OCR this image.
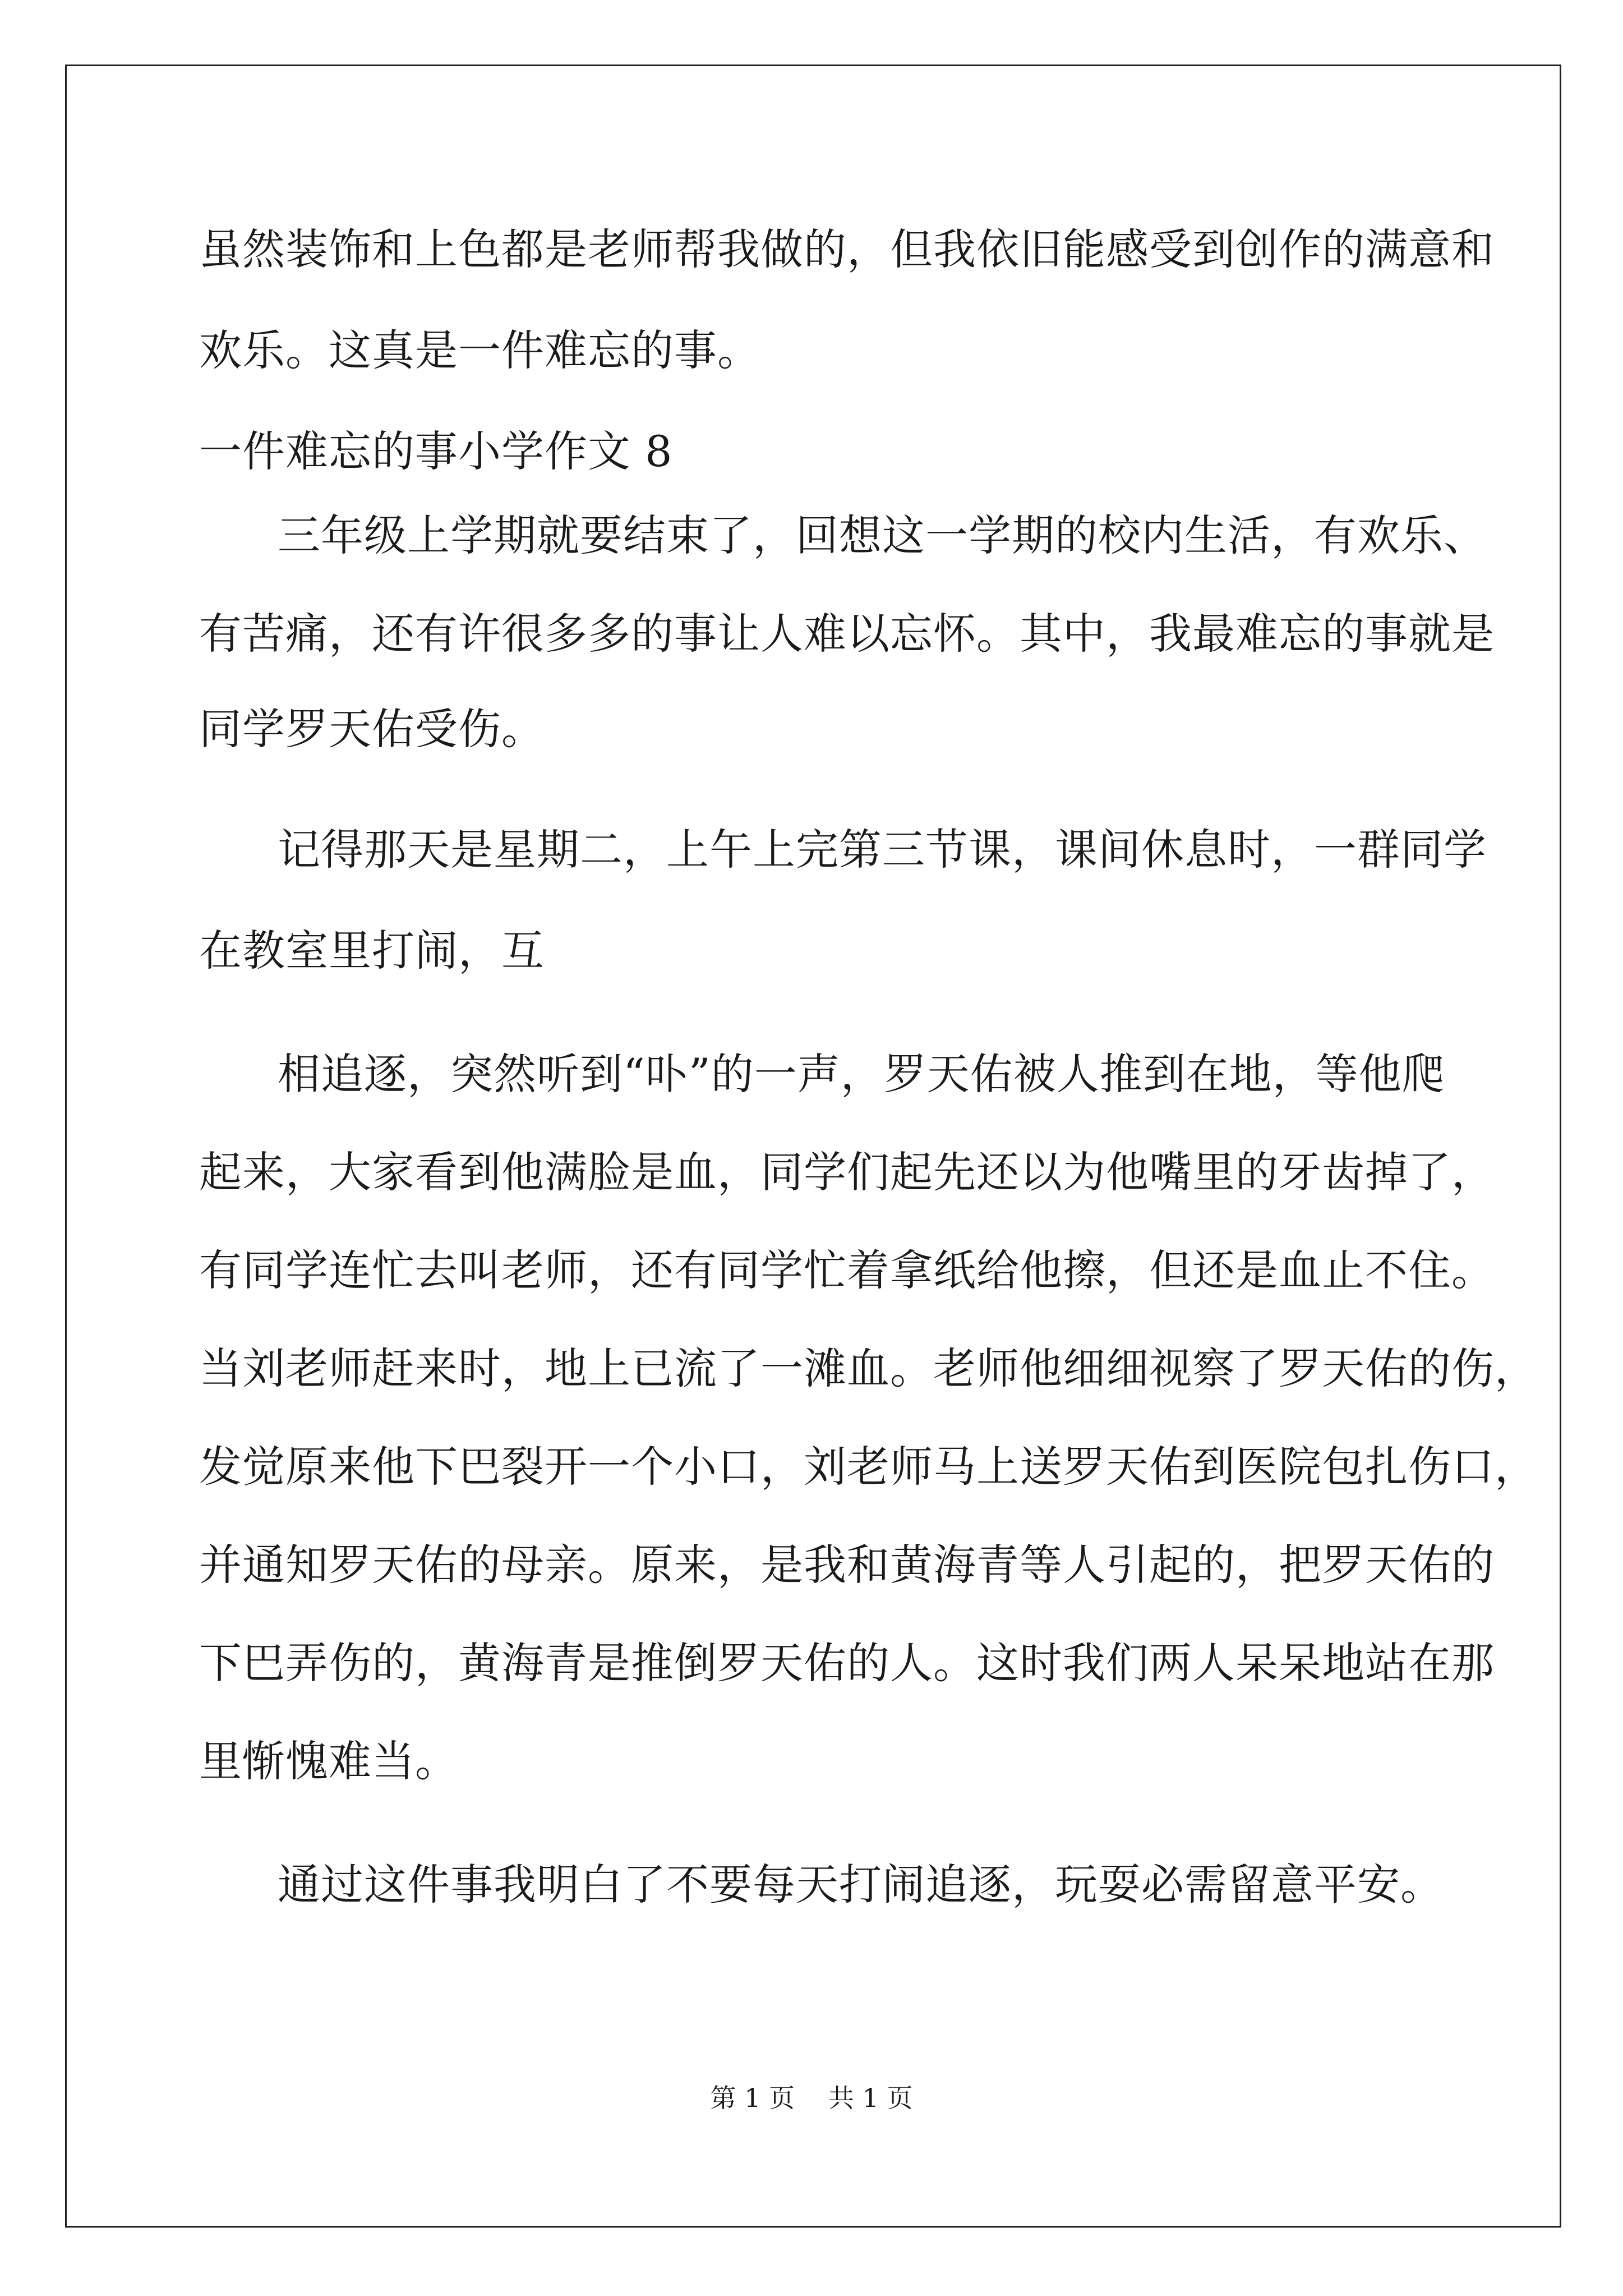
虽然装饰和上色都是老师帮我做的，但我依旧能感受到创作的满意和
欢乐。这真是一件难忘的事。
一件难忘的事小学作文 8
三年级上学期就要结束了，回想这一学期的校内生活，有欢乐、
有苦痛，还有许很多多的事让人难以忘怀。其中，我最难忘的事就是
同学罗天佑受伤。
记得那天是星期二，上午上完第三节课，课间休息时，一群同学
在教室里打闹，互
相追逐，突然听到“卟”的一声，罗天佑被人推到在地，等他爬
起来，大家看到他满脸是血，同学们起先还以为他嘴里的牙齿掉了，
有同学连忙去叫老师，还有同学忙着拿纸给他擦，但还是血止不住。
当刘老师赶来时，地上已流了一滩血。老师他细细视察了罗天佑的伤，
发觉原来他下巴裂开一个小口，刘老师马上送罗天佑到医院包扎伤口，
并通知罗天佑的母亲。原来，是我和黄海青等人引起的，把罗天佑的
下巴弄伤的，黄海青是推倒罗天佑的人。这时我们两人呆呆地站在那
里惭愧难当。
通过这件事我明白了不要每天打闹追逐，玩耍必需留意平安。
第 1 页 共 1 页
